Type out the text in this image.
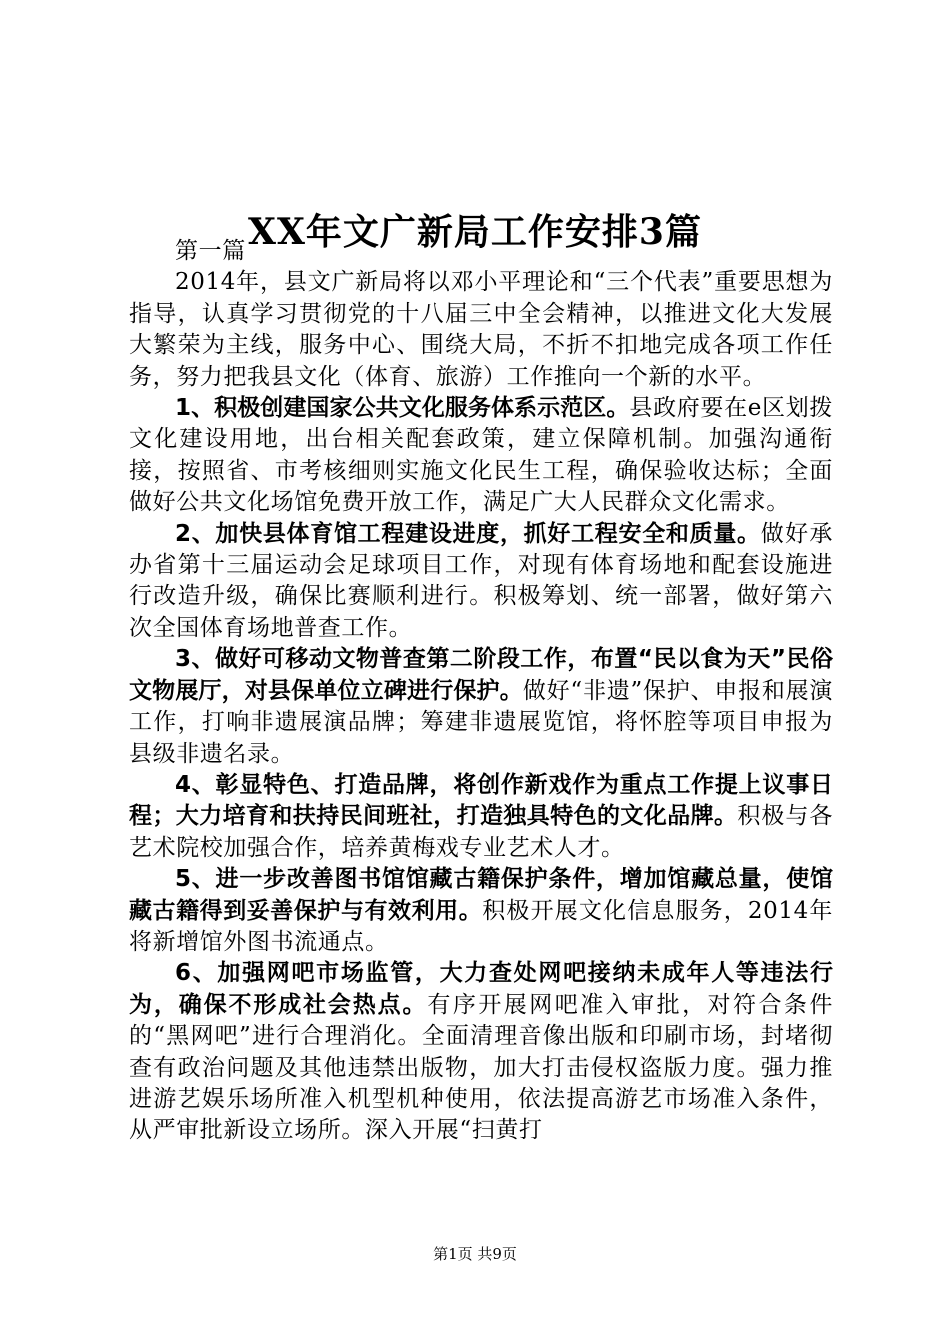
XX年文广新局工作安排3篇

第一篇

2014年，县文广新局将以邓小平理论和“三个代表”重要思想为指导，认真学习贯彻党的十八届三中全会精神，以推进文化大发展大繁荣为主线，服务中心、围绕大局，不折不扣地完成各项工作任务，努力把我县文化（体育、旅游）工作推向一个新的水平。

1、积极创建国家公共文化服务体系示范区。县政府要在e区划拨文化建设用地，出台相关配套政策，建立保障机制。加强沟通衔接，按照省、市考核细则实施文化民生工程，确保验收达标；全面做好公共文化场馆免费开放工作，满足广大人民群众文化需求。

2、加快县体育馆工程建设进度，抓好工程安全和质量。做好承办省第十三届运动会足球项目工作，对现有体育场地和配套设施进行改造升级，确保比赛顺利进行。积极筹划、统一部署，做好第六次全国体育场地普查工作。

3、做好可移动文物普查第二阶段工作，布置“民以食为天”民俗文物展厅，对县保单位立碑进行保护。做好“非遗”保护、申报和展演工作，打响非遗展演品牌；筹建非遗展览馆，将怀腔等项目申报为县级非遗名录。

4、彰显特色、打造品牌，将创作新戏作为重点工作提上议事日程；大力培育和扶持民间班社，打造独具特色的文化品牌。积极与各艺术院校加强合作，培养黄梅戏专业艺术人才。

5、进一步改善图书馆馆藏古籍保护条件，增加馆藏总量，使馆藏古籍得到妥善保护与有效利用。积极开展文化信息服务，2014年将新增馆外图书流通点。

6、加强网吧市场监管，大力查处网吧接纳未成年人等违法行为，确保不形成社会热点。有序开展网吧准入审批，对符合条件的“黑网吧”进行合理消化。全面清理音像出版和印刷市场，封堵彻查有政治问题及其他违禁出版物，加大打击侵权盗版力度。强力推进游艺娱乐场所准入机型机种使用，依法提高游艺市场准入条件，从严审批新设立场所。深入开展“扫黄打

第1页 共9页
